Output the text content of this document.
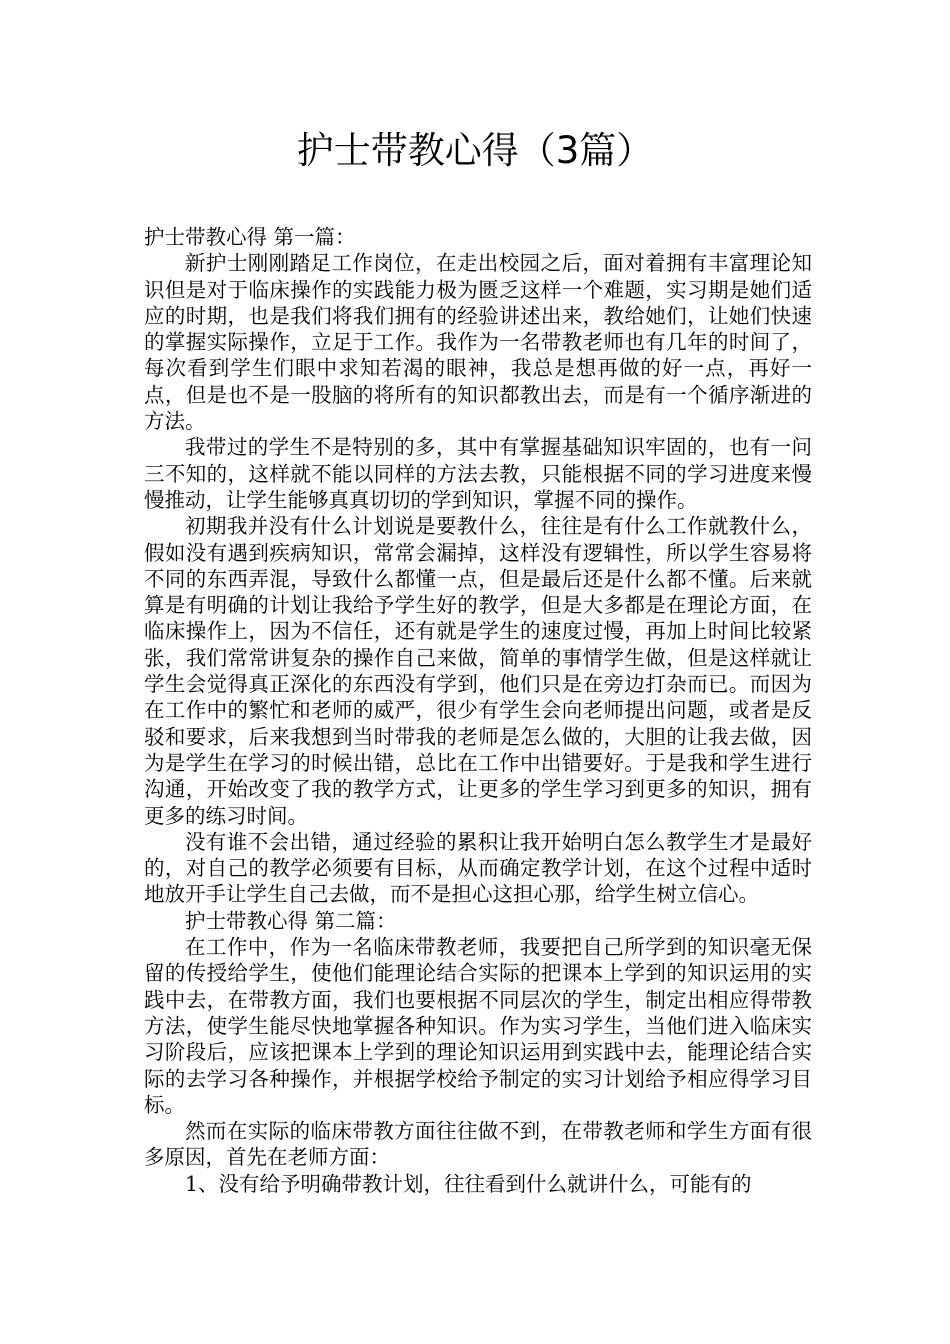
护士带教心得（3篇）

护士带教心得 第一篇：

新护士刚刚踏足工作岗位，在走出校园之后，面对着拥有丰富理论知识但是对于临床操作的实践能力极为匮乏这样一个难题，实习期是她们适应的时期，也是我们将我们拥有的经验讲述出来，教给她们，让她们快速的掌握实际操作，立足于工作。我作为一名带教老师也有几年的时间了，每次看到学生们眼中求知若渴的眼神，我总是想再做的好一点，再好一点，但是也不是一股脑的将所有的知识都教出去，而是有一个循序渐进的方法。

我带过的学生不是特别的多，其中有掌握基础知识牢固的，也有一问三不知的，这样就不能以同样的方法去教，只能根据不同的学习进度来慢慢推动，让学生能够真真切切的学到知识，掌握不同的操作。

初期我并没有什么计划说是要教什么，往往是有什么工作就教什么，假如没有遇到疾病知识，常常会漏掉，这样没有逻辑性，所以学生容易将不同的东西弄混，导致什么都懂一点，但是最后还是什么都不懂。后来就算是有明确的计划让我给予学生好的教学，但是大多都是在理论方面，在临床操作上，因为不信任，还有就是学生的速度过慢，再加上时间比较紧张，我们常常讲复杂的操作自己来做，简单的事情学生做，但是这样就让学生会觉得真正深化的东西没有学到，他们只是在旁边打杂而已。而因为在工作中的繁忙和老师的威严，很少有学生会向老师提出问题，或者是反驳和要求，后来我想到当时带我的老师是怎么做的，大胆的让我去做，因为是学生在学习的时候出错，总比在工作中出错要好。于是我和学生进行沟通，开始改变了我的教学方式，让更多的学生学习到更多的知识，拥有更多的练习时间。

没有谁不会出错，通过经验的累积让我开始明白怎么教学生才是最好的，对自己的教学必须要有目标，从而确定教学计划，在这个过程中适时地放开手让学生自己去做，而不是担心这担心那，给学生树立信心。

护士带教心得 第二篇：

在工作中，作为一名临床带教老师，我要把自己所学到的知识毫无保留的传授给学生，使他们能理论结合实际的把课本上学到的知识运用的实践中去，在带教方面，我们也要根据不同层次的学生，制定出相应得带教方法，使学生能尽快地掌握各种知识。作为实习学生，当他们进入临床实习阶段后，应该把课本上学到的理论知识运用到实践中去，能理论结合实际的去学习各种操作，并根据学校给予制定的实习计划给予相应得学习目标。

然而在实际的临床带教方面往往做不到，在带教老师和学生方面有很多原因，首先在老师方面：

1、没有给予明确带教计划，往往看到什么就讲什么，可能有的
